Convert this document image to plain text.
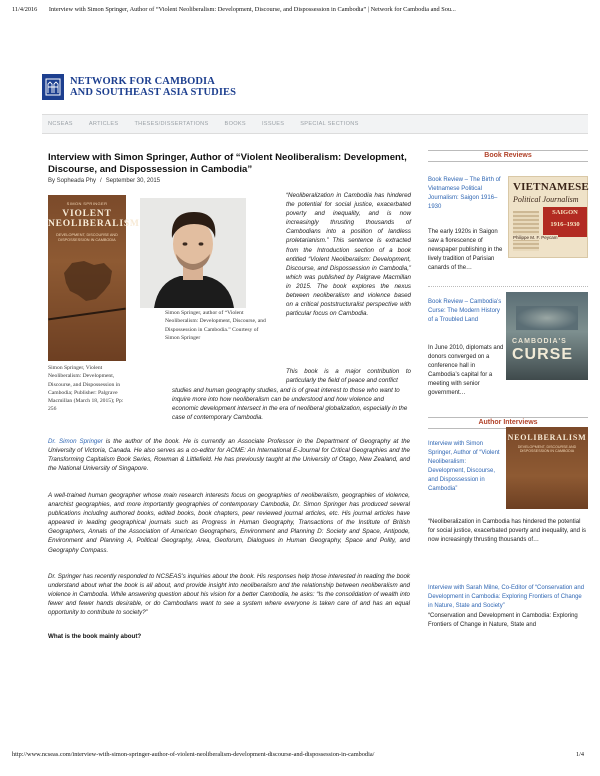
11/4/2016 Interview with Simon Springer, Author of “Violent Neoliberalism: Development, Discourse, and Dispossession in Cambodia” | Network for Cambodia and Sou...
NETWORK FOR CAMBODIA
AND SOUTHEAST ASIA STUDIES
NCSEAS	ARTICLES	THESES/DISSERTATIONS	BOOKS	ISSUES	SPECIAL SECTIONS
Interview with Simon Springer, Author of “Violent Neoliberalism: Development, Discourse, and Dispossession in Cambodia”
By Sopheada Phy / September 30, 2015
SIMON SPRINGER
VIOLENT
NEOLIBERALISM
DEVELOPMENT, DISCOURSE AND DISPOSSESSION IN CAMBODIA
Simon Springer, Violent Neoliberalism: Development, Discourse, and Dispossession in Cambodia; Publisher: Palgrave Macmillan (March 18, 2015); Pp: 256
Simon Springer, author of “Violent Neoliberalism: Development, Discourse, and Dispossession in Cambodia.” Courtesy of Simon Springer

“Neoliberalization in Cambodia has hindered the potential for social justice, exacerbated poverty and inequality, and is now increasingly thrusting thousands of Cambodians into a position of landless proletarianism.” This sentence is extracted from the Introduction section of a book entitled “Violent Neoliberalism: Development, Discourse, and Dispossession in Cambodia,” which was published by Palgrave Macmillan in 2015. The book explores the nexus between neoliberalism and violence based on a critical poststructuralist perspective with particular focus on Cambodia.

This book is a major contribution to particularly the field of peace and conflict

studies and human geography studies, and is of great interest to those who want to inquire more into how neoliberalism can be understood and how violence and economic development intersect in the era of neoliberal globalization, especially in the case of contemporary Cambodia.

Dr. Simon Springer is the author of the book. He is currently an Associate Professor in the Department of Geography at the University of Victoria, Canada. He also serves as a co-editor for ACME: An International E-Journal for Critical Geographies and the Transforming Capitalism Book Series, Rowman & Littlefield. He has previously taught at the University of Otago, New Zealand, and the National University of Singapore.

A well-trained human geographer whose main research interests focus on geographies of neoliberalism, geographies of violence, anarchist geographies, and more importantly geographies of contemporary Cambodia, Dr. Simon Springer has produced several publications including authored books, edited books, book chapters, peer reviewed journal articles, etc. His journal articles have appeared in leading geographical journals such as Progress in Human Geography, Transactions of the Institute of British Geographers, Annals of the Association of American Geographers, Environment and Planning D: Society and Space, Antipode, Environment and Planning A, Political Geography, Area, Geoforum, Dialogues in Human Geography, Space and Polity, and Geography Compass.

Dr. Springer has recently responded to NCSEAS’s inquiries about the book. His responses help those interested in reading the book understand about what the book is all about, and provide insight into neoliberalism and the relationship between neoliberalism and violence in Cambodia. While answering question about his vision for a better Cambodia, he asks: “Is the consolidation of wealth into fewer and fewer hands desirable, or do Cambodians want to see a system where everyone is taken care of and has an equal opportunity to contribute to society?”

What is the book mainly about?

Book Reviews
Book Review – The Birth of Vietnamese Political Journalism: Saigon 1916–1930
VIETNAMESE
Political Journalism
SAIGON
1916–1930
Philippe M. F. Peycam
The early 1920s in Saigon saw a florescence of newspaper publishing in the lively tradition of Parisian canards of the…
Book Review – Cambodia’s Curse: The Modern History of a Troubled Land
CAMBODIA'S
CURSE
In June 2010, diplomats and donors converged on a conference hall in Cambodia’s capital for a meeting with senior government…
Author Interviews
Interview with Simon Springer, Author of “Violent Neoliberalism: Development, Discourse, and Dispossession in Cambodia”
NEOLIBERALISM
DEVELOPMENT, DISCOURSE AND DISPOSSESSION IN CAMBODIA
“Neoliberalization in Cambodia has hindered the potential for social justice, exacerbated poverty and inequality, and is now increasingly thrusting thousands of…
Interview with Sarah Milne, Co-Editor of “Conservation and Development in Cambodia: Exploring Frontiers of Change in Nature, State and Society”
“Conservation and Development in Cambodia: Exploring Frontiers of Change in Nature, State and
http://www.ncseas.com/interview-with-simon-springer-author-of-violent-neoliberalism-development-discourse-and-dispossession-in-cambodia/	1/4
